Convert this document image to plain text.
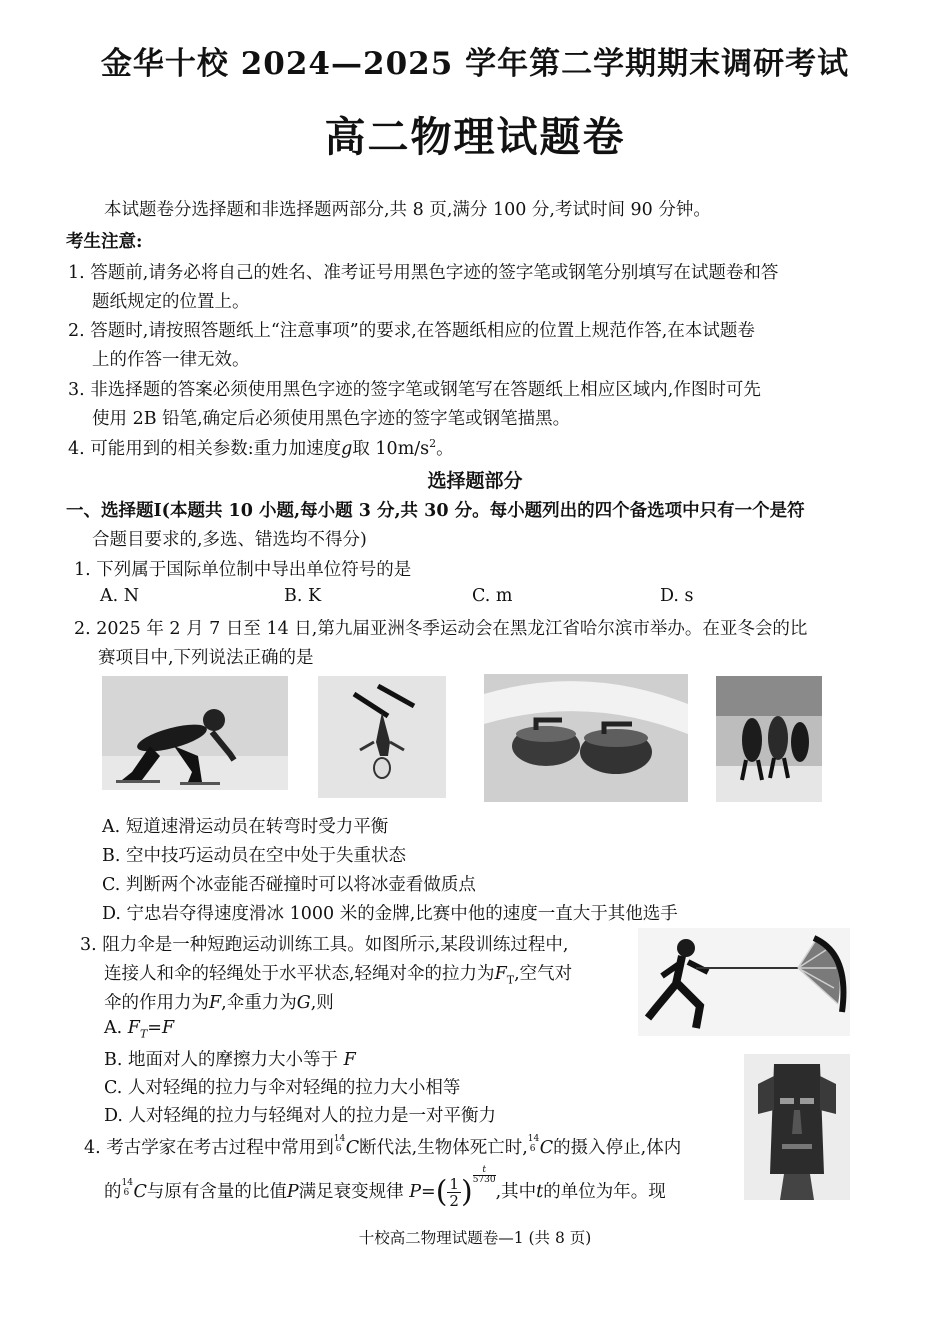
金华十校 2024—2025 学年第二学期期末调研考试
高二物理试题卷
本试题卷分选择题和非选择题两部分,共 8 页,满分 100 分,考试时间 90 分钟。
考生注意:
1. 答题前,请务必将自己的姓名、准考证号用黑色字迹的签字笔或钢笔分别填写在试题卷和答
题纸规定的位置上。
2. 答题时,请按照答题纸上“注意事项”的要求,在答题纸相应的位置上规范作答,在本试题卷
上的作答一律无效。
3. 非选择题的答案必须使用黑色字迹的签字笔或钢笔写在答题纸上相应区域内,作图时可先
使用 2B 铅笔,确定后必须使用黑色字迹的签字笔或钢笔描黑。
4. 可能用到的相关参数:重力加速度g取 $10m/s^2$。
选择题部分
一、选择题Ⅰ(本题共 10 小题,每小题 3 分,共 30 分。每小题列出的四个备选项中只有一个是符
合题目要求的,多选、错选均不得分)
1. 下列属于国际单位制中导出单位符号的是
A. N	B. K	C. m	D. s
2. 2025 年 2 月 7 日至 14 日,第九届亚洲冬季运动会在黑龙江省哈尔滨市举办。在亚冬会的比
赛项目中,下列说法正确的是
A. 短道速滑运动员在转弯时受力平衡
B. 空中技巧运动员在空中处于失重状态
C. 判断两个冰壶能否碰撞时可以将冰壶看做质点
D. 宁忠岩夺得速度滑冰 1000 米的金牌,比赛中他的速度一直大于其他选手
3. 阻力伞是一种短跑运动训练工具。如图所示,某段训练过程中,
连接人和伞的轻绳处于水平状态,轻绳对伞的拉力为$F_T$,空气对
伞的作用力为F,伞重力为G,则
A. $F_T=F$
B. 地面对人的摩擦力大小等于 F
C. 人对轻绳的拉力与伞对轻绳的拉力大小相等
D. 人对轻绳的拉力与轻绳对人的拉力是一对平衡力
4. 考古学家在考古过程中常用到 14
6 C断代法,生物体死亡时, 14
6 C的摄入停止,体内
的 14
6 C与原有含量的比值P满足衰变规律 $P=( \frac{1}{2}$ ) $^{\frac{t}{5730}}$
,其中t的单位为年。现
十校高二物理试题卷—1 (共 8 页)
